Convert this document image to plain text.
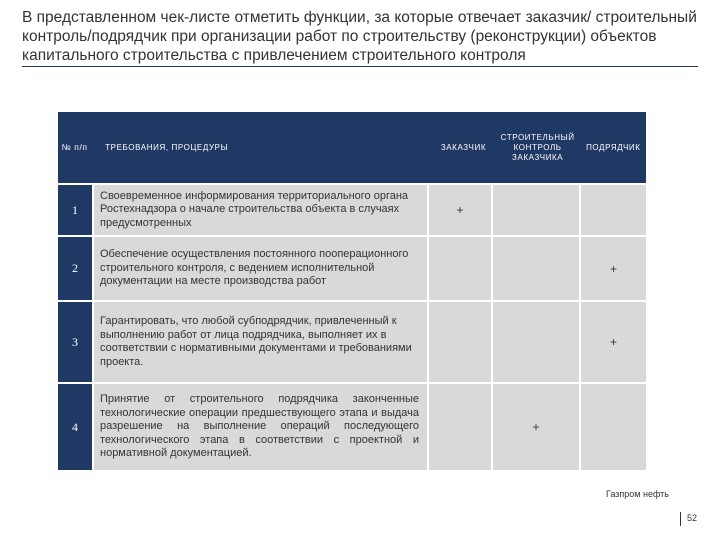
В представленном чек-листе отметить функции, за которые отвечает заказчик/ строительный контроль/подрядчик при организации работ по строительству (реконструкции) объектов капитального строительства с привлечением строительного контроля
№ п/п	ТРЕБОВАНИЯ, ПРОЦЕДУРЫ	ЗАКАЗЧИК
СТРОИТЕЛЬНЫЙ КОНТРОЛЬ ЗАКАЗЧИКА
ПОДРЯДЧИК
1
Своевременное информирования территориального органа Ростехнадзора о начале строительства объекта в случаях предусмотренных
+
2
Обеспечение осуществления постоянного пооперационного строительного контроля, с ведением исполнительной документации на месте производства работ
+
3
Гарантировать, что любой субподрядчик, привлеченный к выполнению работ от лица подрядчика, выполняет их в соответствии с нормативными документами и требованиями проекта.
+
4
Принятие от строительного подрядчика законченные технологические операции предшествующего этапа и выдача разрешение на выполнение операций последующего технологического этапа в соответствии с проектной и нормативной документацией.
+
Газпром нефть
52
